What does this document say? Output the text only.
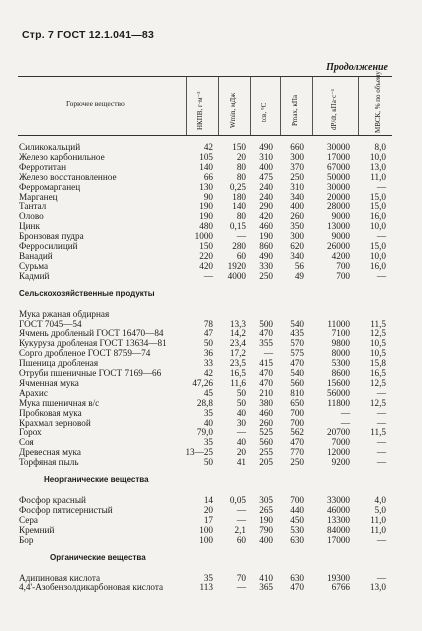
Стр. 7 ГОСТ 12.1.041—83
Продолжение
Горючее вещество	НКПВ, г·м⁻³	Wmin, мДж	tсв, °С	Pmax, кПа	dP/dt, кПа·с⁻¹	МВСК, % по объему
Силикокальций	42 150 490 660	30000	8,0
Железо карбонильное	105	20 310 300	17000 10,0
Ферротитан	140	80 400 370	67000 13,0
Железо восстановленное	66	80 475 250	50000 11,0
Ферромарганец	130 0,25 240 310	30000	—
Марганец	90 180 240 340	20000 15,0
Тантал	190 140 290 400	28000 15,0
Олово	190	80 420 260	9000 16,0
Цинк	480 0,15 460 350	13000 10,0
Бронзовая пудра	1000	— 190 300	9000	—
Ферросилиций	150 280 860 620	26000 15,0
Ванадий	220	60 490 340	4200 10,0
Сурьма	420 1920 330 56	700 16,0
Кадмий	— 4000 250 49	700	—
Сельскохозяйственные продукты
Мука ржаная обдирная
ГОСТ 7045—54	78 13,3 500 540	11000 11,5
Ячмень дробленый ГОСТ 16470—84	47 14,2 470 435	7100 12,5
Кукуруза дробленая ГОСТ 13634—81	50 23,4 355 570	9800 10,5
Сорго дробленое ГОСТ 8759—74	36 17,2 — 575	8000 10,5
Пшеница дробленая	33 23,5 415 470	5300 15,8
Отруби пшеничные ГОСТ 7169—66	42 16,5 470 540	8600 16,5
Ячменная мука	47,26 11,6 470 560	15600 12,5
Арахис	45	50 210 810	56000	—
Мука пшеничная в/с	28,8	50 380 650	11800 12,5
Пробковая мука	35	40 460 700	—	—
Крахмал зерновой	40	30 260 700	—	—
Горох	79,0	— 525 562	20700 11,5
Соя	35	40 560 470	7000	—
Древесная мука	13—25	20 255 770	12000	—
Торфяная пыль	50	41 205 250	9200	—
Неорганические вещества
Фосфор красный	14 0,05 305 700	33000	4,0
Фосфор пятисернистый	20	— 265 440	46000	5,0
Сера	17	— 190 450	13300 11,0
Кремний	100 2,1 790 530	84000 11,0
Бор	100	60 400 630	17000	—
Органические вещества
Адипиновая кислота	35	70 410 630	19300	—
4,4'-Азобензолдикарбоновая кислота	113	— 365 470	6766 13,0
